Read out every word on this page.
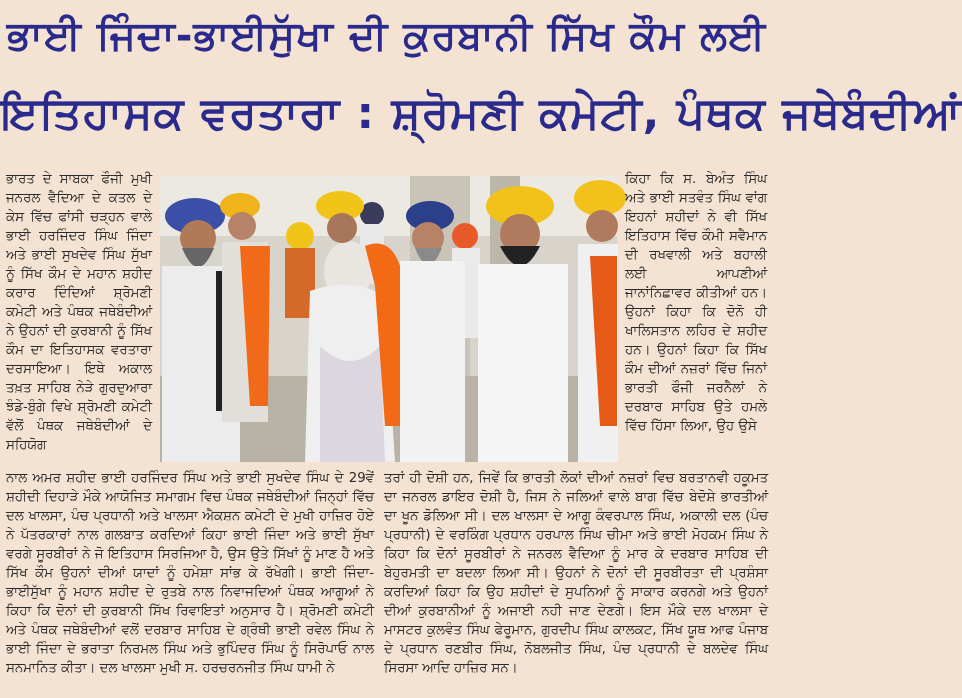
ਭਾਈ ਜਿੰਦਾ-ਭਾਈਸੁੱਖਾ ਦੀ ਕੁਰਬਾਨੀ ਸਿੱਖ ਕੌਮ ਲਈ
ਇਤਿਹਾਸਕ ਵਰਤਾਰਾ : ਸ਼੍ਰੋਮਣੀ ਕਮੇਟੀ, ਪੰਥਕ ਜਥੇਬੰਦੀਆਂ
ਭਾਰਤ ਦੇ ਸਾਬਕਾ ਫੌਜੀ ਮੁਖੀ ਜਨਰਲ ਵੈਦਿਆ ਦੇ ਕਤਲ ਦੇ ਕੇਸ ਵਿੱਚ ਫਾਂਸੀ ਚੜ੍ਹਨ ਵਾਲੇ ਭਾਈ ਹਰਜਿੰਦਰ ਸਿੰਘ ਜਿੰਦਾ ਅਤੇ ਭਾਈ ਸੁਖਦੇਵ ਸਿੰਘ ਸੁੱਖਾ ਨੂੰ ਸਿੱਖ ਕੌਮ ਦੇ ਮਹਾਨ ਸ਼ਹੀਦ ਕਰਾਰ ਦਿੰਦਿਆਂ ਸ਼੍ਰੋਮਣੀ ਕਮੇਟੀ ਅਤੇ ਪੰਥਕ ਜਥੇਬੰਦੀਆਂ ਨੇ ਉਹਨਾਂ ਦੀ ਕੁਰਬਾਨੀ ਨੂੰ ਸਿੱਖ ਕੌਮ ਦਾ ਇਤਿਹਾਸਕ ਵਰਤਾਰਾ ਦਰਸਾਇਆ। ਇਥੇ ਅਕਾਲ ਤਖ਼ਤ ਸਾਹਿਬ ਨੇੜੇ ਗੁਰਦੁਆਰਾ ਝੰਡੇ-ਬੁੰਗੇ ਵਿਖੇ ਸ਼੍ਰੋਮਣੀ ਕਮੇਟੀ ਵੱਲੋਂ ਪੰਥਕ ਜਥੇਬੰਦੀਆਂ ਦੇ ਸਹਿਯੋਗ
ਕਿਹਾ ਕਿ ਸ. ਬੇਅੰਤ ਸਿੰਘ ਅਤੇ ਭਾਈ ਸਤਵੰਤ ਸਿੰਘ ਵਾਂਗ ਇਹਨਾਂ ਸ਼ਹੀਦਾਂ ਨੇ ਵੀ ਸਿੱਖ ਇਤਿਹਾਸ ਵਿੱਚ ਕੌਮੀ ਸਵੈਮਾਨ ਦੀ ਰਖਵਾਲੀ ਅਤੇ ਬਹਾਲੀ ਲਈ ਆਪਣੀਆਂ ਜਾਨਾਂਨਿਛਾਵਰ ਕੀਤੀਆਂ ਹਨ। ਉਹਨਾਂ ਕਿਹਾ ਕਿ ਦੋਨੋ ਹੀ ਖਾਲਿਸਤਾਨ ਲਹਿਰ ਦੇ ਸ਼ਹੀਦ ਹਨ। ਉਹਨਾਂ ਕਿਹਾ ਕਿ ਸਿੱਖ ਕੌਮ ਦੀਆਂ ਨਜ਼ਰਾਂ ਵਿੱਚ ਜਿਨਾਂ ਭਾਰਤੀ ਫੌਜੀ ਜਰਨੈਲਾਂ ਨੇ ਦਰਬਾਰ ਸਾਹਿਬ ਉਤੇ ਹਮਲੇ ਵਿੱਚ ਹਿੱਸਾ ਲਿਆ, ਉਹ ਉਸੇ
ਨਾਲ ਅਮਰ ਸ਼ਹੀਦ ਭਾਈ ਹਰਜਿੰਦਰ ਸਿੰਘ ਅਤੇ ਭਾਈ ਸੁਖਦੇਵ ਸਿੰਘ ਦੇ 29ਵੇਂ ਸ਼ਹੀਦੀ ਦਿਹਾੜੇ ਮੌਕੇ ਆਯੋਜਿਤ ਸਮਾਗਮ ਵਿਚ ਪੰਥਕ ਜਥੇਬੰਦੀਆਂ ਜਿਨ੍ਹਾਂ ਵਿੱਚ ਦਲ ਖਾਲਸਾ, ਪੰਚ ਪ੍ਰਧਾਨੀ ਅਤੇ ਖਾਲਸਾ ਐਕਸ਼ਨ ਕਮੇਟੀ ਦੇ ਮੁਖੀ ਹਾਜ਼ਿਰ ਹੋਏ ਨੇ ਪੱਤਰਕਾਰਾਂ ਨਾਲ ਗਲਬਾਤ ਕਰਦਿਆਂ ਕਿਹਾ ਭਾਈ ਜਿੰਦਾ ਅਤੇ ਭਾਈ ਸੁੱਖਾ ਵਰਗੇ ਸੂਰਬੀਰਾਂ ਨੇ ਜੋ ਇਤਿਹਾਸ ਸਿਰਜਿਆ ਹੈ, ਉਸ ਉਤੇ ਸਿੱਖਾਂ ਨੂੰ ਮਾਣ ਹੈ ਅਤੇ ਸਿੱਖ ਕੌਮ ਉਹਨਾਂ ਦੀਆਂ ਯਾਦਾਂ ਨੂੰ ਹਮੇਸ਼ਾ ਸਾਂਭ ਕੇ ਰੱਖੇਗੀ। ਭਾਈ ਜਿੰਦਾ-ਭਾਈਸੁੱਖਾ ਨੂੰ ਮਹਾਨ ਸ਼ਹੀਦ ਦੇ ਰੁਤਬੇ ਨਾਲ ਨਿਵਾਜਦਿਆਂ ਪੰਥਕ ਆਗੂਆਂ ਨੇ ਕਿਹਾ ਕਿ ਦੋਨਾਂ ਦੀ ਕੁਰਬਾਨੀ ਸਿੱਖ ਰਿਵਾਇਤਾਂ ਅਨੁਸਾਰ ਹੈ। ਸ਼੍ਰੋਮਣੀ ਕਮੇਟੀ ਅਤੇ ਪੰਥਕ ਜਥੇਬੰਦੀਆਂ ਵਲੋਂ ਦਰਬਾਰ ਸਾਹਿਬ ਦੇ ਗ੍ਰੰਥੀ ਭਾਈ ਰਵੇਲ ਸਿੰਘ ਨੇ ਭਾਈ ਜਿੰਦਾ ਦੇ ਭਰਾਤਾ ਨਿਰਮਲ ਸਿੰਘ ਅਤੇ ਭੁਪਿੰਦਰ ਸਿੰਘ ਨੂੰ ਸਿਰੋਪਾਓ ਨਾਲ ਸਨਮਾਨਿਤ ਕੀਤਾ। ਦਲ ਖਾਲਸਾ ਮੁਖੀ ਸ. ਹਰਚਰਨਜੀਤ ਸਿੰਘ ਧਾਮੀ ਨੇ
ਤਰਾਂ ਹੀ ਦੋਸ਼ੀ ਹਨ, ਜਿਵੇਂ ਕਿ ਭਾਰਤੀ ਲੋਕਾਂ ਦੀਆਂ ਨਜ਼ਰਾਂ ਵਿਚ ਬਰਤਾਨਵੀ ਹਕੂਮਤ ਦਾ ਜਨਰਲ ਡਾਇਰ ਦੋਸ਼ੀ ਹੈ, ਜਿਸ ਨੇ ਜਲਿਆਂ ਵਾਲੇ ਬਾਗ ਵਿੱਚ ਬੇਦੋਸ਼ੇ ਭਾਰਤੀਆਂ ਦਾ ਖੂਨ ਡੋਲਿਆ ਸੀ। ਦਲ ਖਾਲਸਾ ਦੇ ਆਗੂ ਕੰਵਰਪਾਲ ਸਿੰਘ, ਅਕਾਲੀ ਦਲ (ਪੰਚ ਪ੍ਰਧਾਨੀ) ਦੇ ਵਰਕਿੰਗ ਪ੍ਰਧਾਨ ਹਰਪਾਲ ਸਿੰਘ ਚੀਮਾ ਅਤੇ ਭਾਈ ਮੋਹਕਮ ਸਿੰਘ ਨੇ ਕਿਹਾ ਕਿ ਦੋਨਾਂ ਸੂਰਬੀਰਾਂ ਨੇ ਜਨਰਲ ਵੈਦਿਆ ਨੂੰ ਮਾਰ ਕੇ ਦਰਬਾਰ ਸਾਹਿਬ ਦੀ ਬੇਹੁਰਮਤੀ ਦਾ ਬਦਲਾ ਲਿਆ ਸੀ। ਉਹਨਾਂ ਨੇ ਦੋਨਾਂ ਦੀ ਸੂਰਬੀਰਤਾ ਦੀ ਪ੍ਰਸ਼ੰਸਾ ਕਰਦਿਆਂ ਕਿਹਾ ਕਿ ਉਹ ਸ਼ਹੀਦਾਂ ਦੇ ਸੁਪਨਿਆਂ ਨੂੰ ਸਾਕਾਰ ਕਰਨਗੇ ਅਤੇ ਉਹਨਾਂ ਦੀਆਂ ਕੁਰਬਾਨੀਆਂ ਨੂੰ ਅਜਾਈ ਨਹੀ ਜਾਣ ਦੇਣਗੇ। ਇਸ ਮੌਕੇ ਦਲ ਖਾਲਸਾ ਦੇ ਮਾਸਟਰ ਕੁਲਵੰਤ ਸਿੰਘ ਫੇਰੂਮਾਨ, ਗੁਰਦੀਪ ਸਿੰਘ ਕਾਲਕਟ, ਸਿੱਖ ਯੂਥ ਆਫ ਪੰਜਾਬ ਦੇ ਪ੍ਰਧਾਨ ਰਣਬੀਰ ਸਿੰਘ, ਨੋਬਲਜੀਤ ਸਿੰਘ, ਪੰਚ ਪ੍ਰਧਾਨੀ ਦੇ ਬਲਦੇਵ ਸਿੰਘ ਸਿਰਸਾ ਆਦਿ ਹਾਜ਼ਿਰ ਸਨ।
